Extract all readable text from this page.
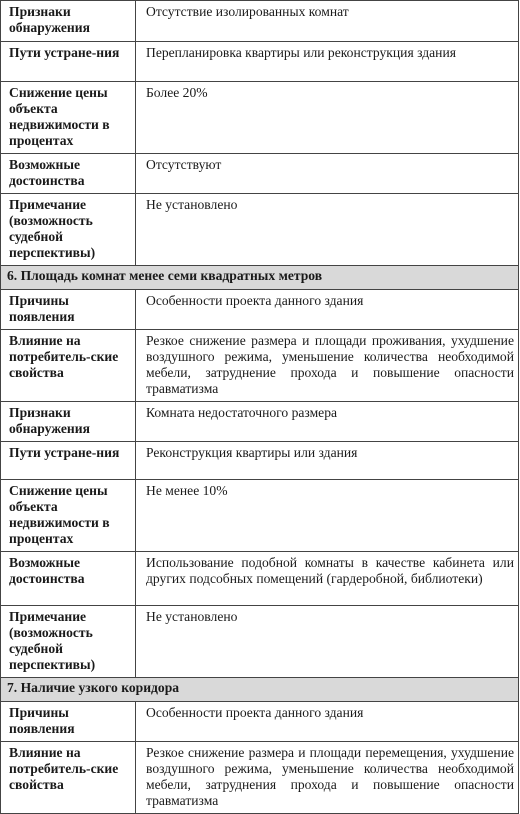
Признаки обнаружения	Отсутствие изолированных комнат
Пути устране-ния	Перепланировка квартиры или реконструкция здания
Снижение цены объекта недвижимости в процентах	Более 20%
Возможные достоинства	Отсутствуют
Примечание (возможность судебной перспективы)	Не установлено
6. Площадь комнат менее семи квадратных метров	
Причины появления	Особенности проекта данного здания
Влияние на потребитель-ские свойства	Резкое снижение размера и площади проживания, ухудшение воздушного режима, уменьшение количества необходимой мебели, затруднение прохода и повышение опасности травматизма
Признаки обнаружения	Комната недостаточного размера
Пути устране-ния	Реконструкция квартиры или здания
Снижение цены объекта недвижимости в процентах	Не менее 10%
Возможные достоинства	Использование подобной комнаты в качестве кабинета или других подсобных помещений (гардеробной, библиотеки)
Примечание (возможность судебной перспективы)	Не установлено
7. Наличие узкого коридора	
Причины появления	Особенности проекта данного здания
Влияние на потребитель-ские свойства	Резкое снижение размера и площади перемещения, ухудшение воздушного режима, уменьшение количества необходимой мебели, затруднения прохода и повышение опасности травматизма
